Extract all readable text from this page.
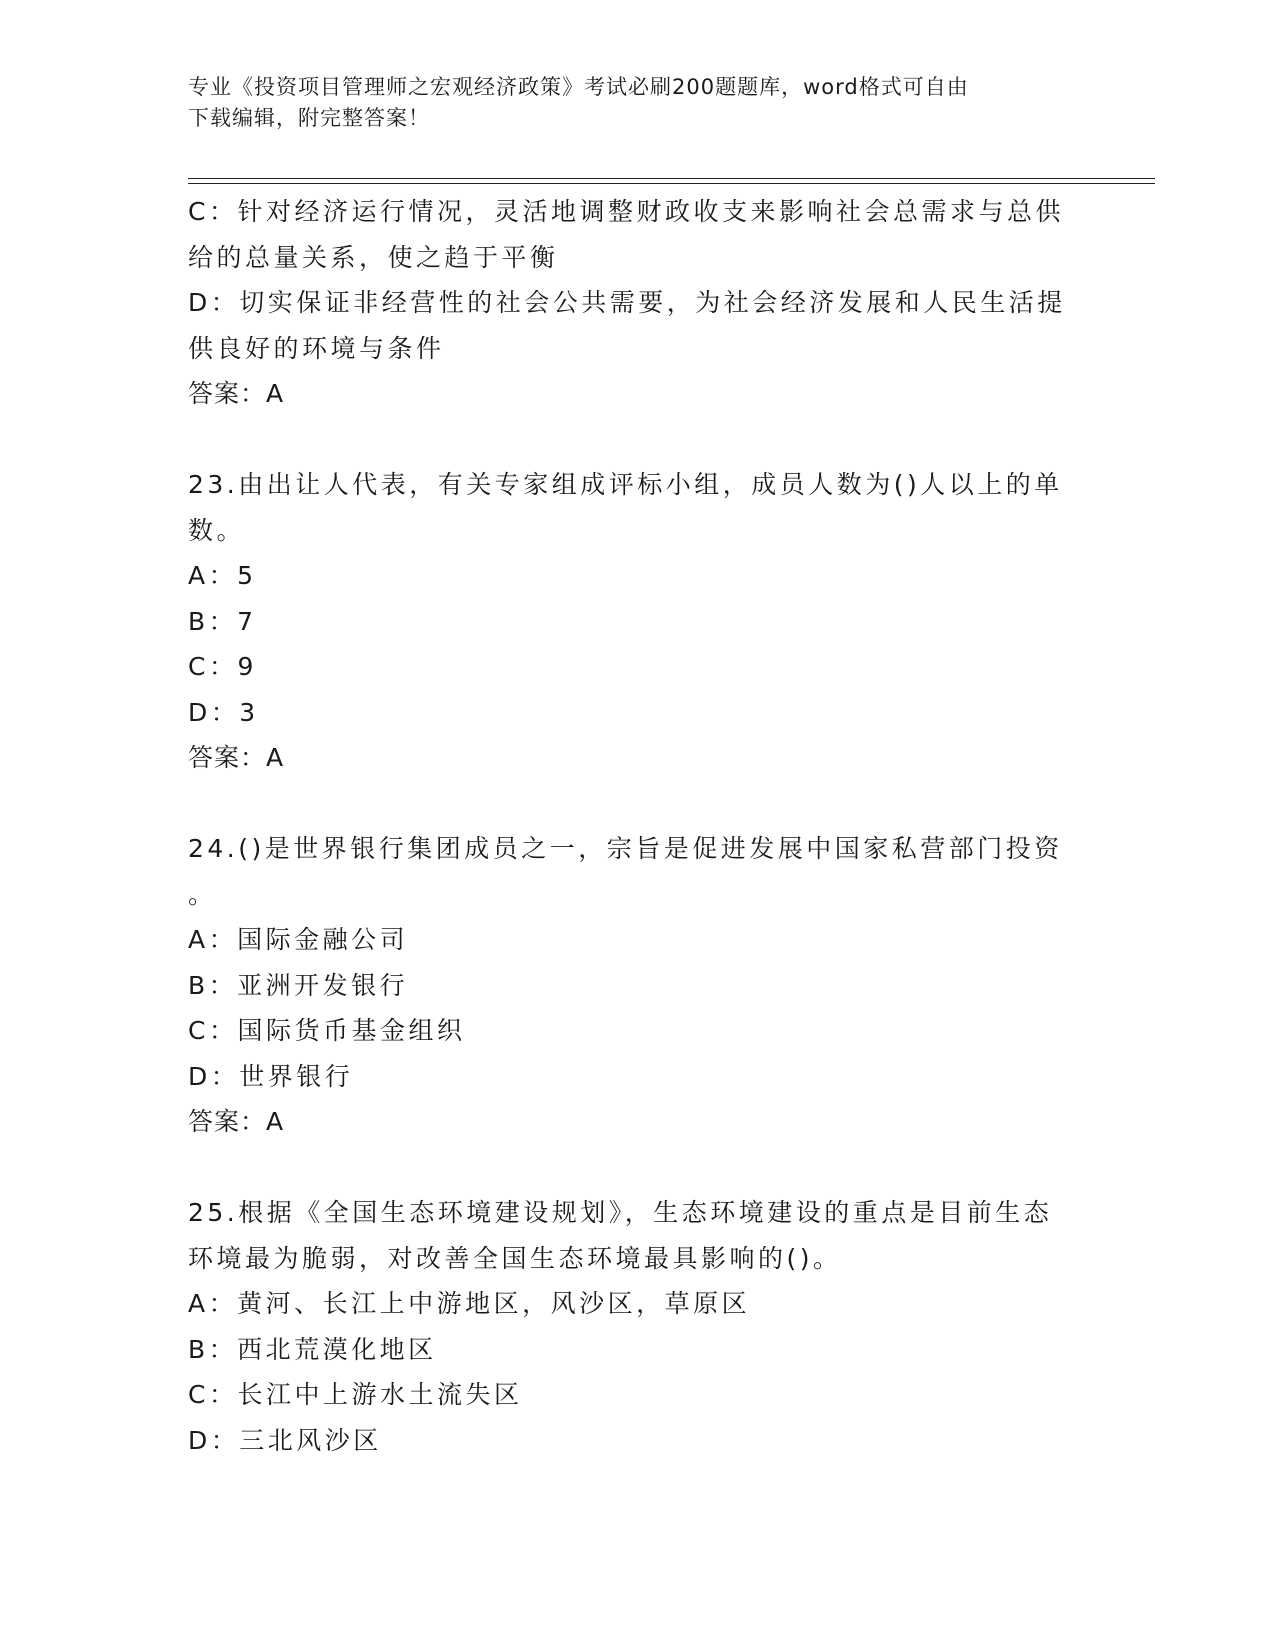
专业《投资项目管理师之宏观经济政策》考试必刷200题题库，word格式可自由
下载编辑，附完整答案！
C：针对经济运行情况，灵活地调整财政收支来影响社会总需求与总供
给的总量关系，使之趋于平衡
D：切实保证非经营性的社会公共需要，为社会经济发展和人民生活提
供良好的环境与条件
答案：A
23.由出让人代表，有关专家组成评标小组，成员人数为()人以上的单
数。
A：5
B：7
C：9
D：3
答案：A
24.()是世界银行集团成员之一，宗旨是促进发展中国家私营部门投资
。
A：国际金融公司
B：亚洲开发银行
C：国际货币基金组织
D：世界银行
答案：A
25.根据《全国生态环境建设规划》，生态环境建设的重点是目前生态
环境最为脆弱，对改善全国生态环境最具影响的()。
A：黄河、长江上中游地区，风沙区，草原区
B：西北荒漠化地区
C：长江中上游水土流失区
D：三北风沙区
